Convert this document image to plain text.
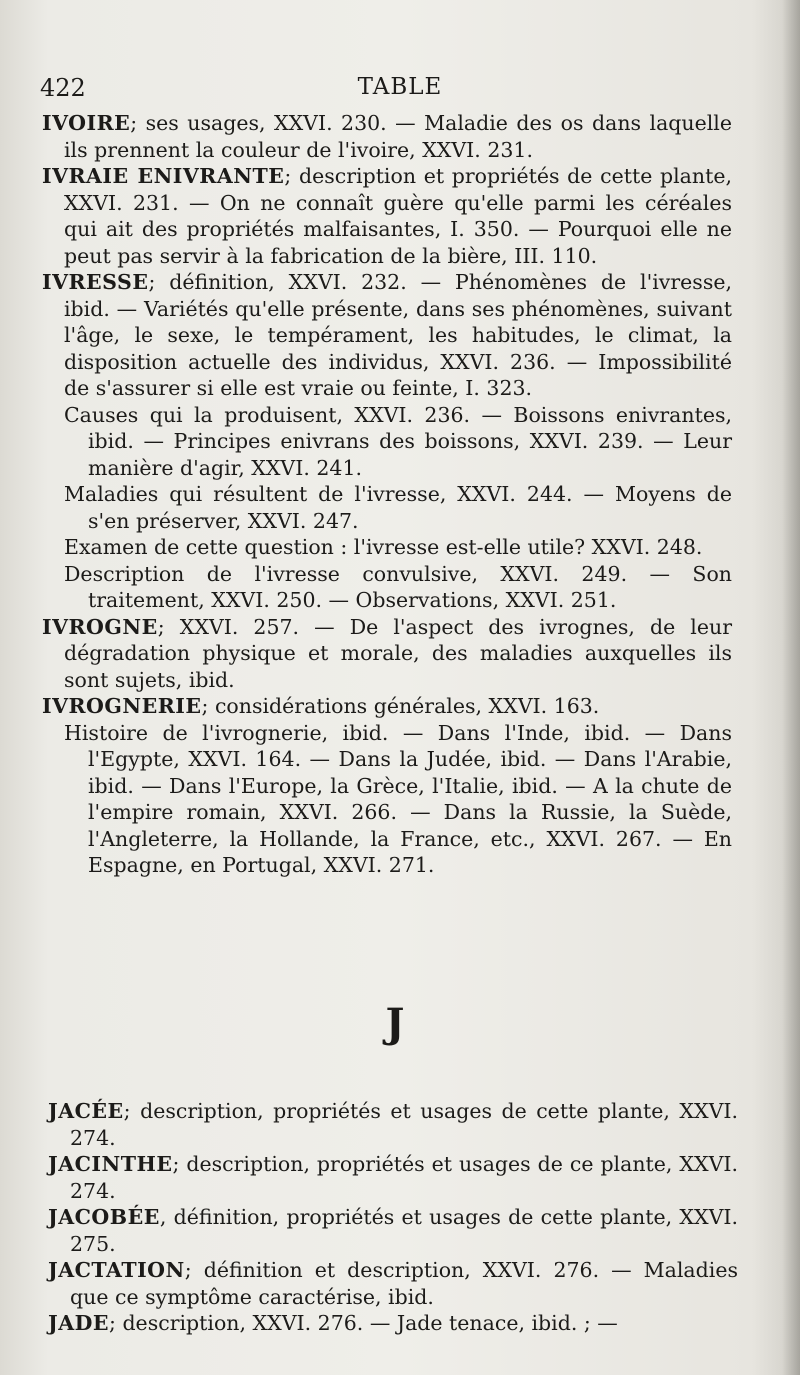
TABLE
422

IVOIRE; ses usages, XXVI. 230. — Maladie des os dans laquelle ils prennent la couleur de l'ivoire, XXVI. 231.

IVRAIE ENIVRANTE; description et propriétés de cette plante, XXVI. 231. — On ne connaît guère qu'elle parmi les céréales qui ait des propriétés malfaisantes, I. 350. — Pourquoi elle ne peut pas servir à la fabrication de la bière, III. 110.

IVRESSE; définition, XXVI. 232. — Phénomènes de l'ivresse, ibid. — Variétés qu'elle présente, dans ses phénomènes, suivant l'âge, le sexe, le tempérament, les habitudes, le climat, la disposition actuelle des individus, XXVI. 236. — Impossibilité de s'assurer si elle est vraie ou feinte, I. 323.

Causes qui la produisent, XXVI. 236. — Boissons enivrantes, ibid. — Principes enivrans des boissons, XXVI. 239. — Leur manière d'agir, XXVI. 241.

Maladies qui résultent de l'ivresse, XXVI. 244. — Moyens de s'en préserver, XXVI. 247.

Examen de cette question : l'ivresse est-elle utile? XXVI. 248.

Description de l'ivresse convulsive, XXVI. 249. — Son traitement, XXVI. 250. — Observations, XXVI. 251.

IVROGNE; XXVI. 257. — De l'aspect des ivrognes, de leur dégradation physique et morale, des maladies auxquelles ils sont sujets, ibid.

IVROGNERIE; considérations générales, XXVI. 163.

Histoire de l'ivrognerie, ibid. — Dans l'Inde, ibid. — Dans l'Egypte, XXVI. 164. — Dans la Judée, ibid. — Dans l'Arabie, ibid. — Dans l'Europe, la Grèce, l'Italie, ibid. — A la chute de l'empire romain, XXVI. 266. — Dans la Russie, la Suède, l'Angleterre, la Hollande, la France, etc., XXVI. 267. — En Espagne, en Portugal, XXVI. 271.

J

JACÉE; description, propriétés et usages de cette plante, XXVI. 274.

JACINTHE; description, propriétés et usages de ce plante, XXVI. 274.

JACOBÉE, définition, propriétés et usages de cette plante, XXVI. 275.

JACTATION; définition et description, XXVI. 276. — Maladies que ce symptôme caractérise, ibid.

JADE; description, XXVI. 276. — Jade tenace, ibid. ; —
